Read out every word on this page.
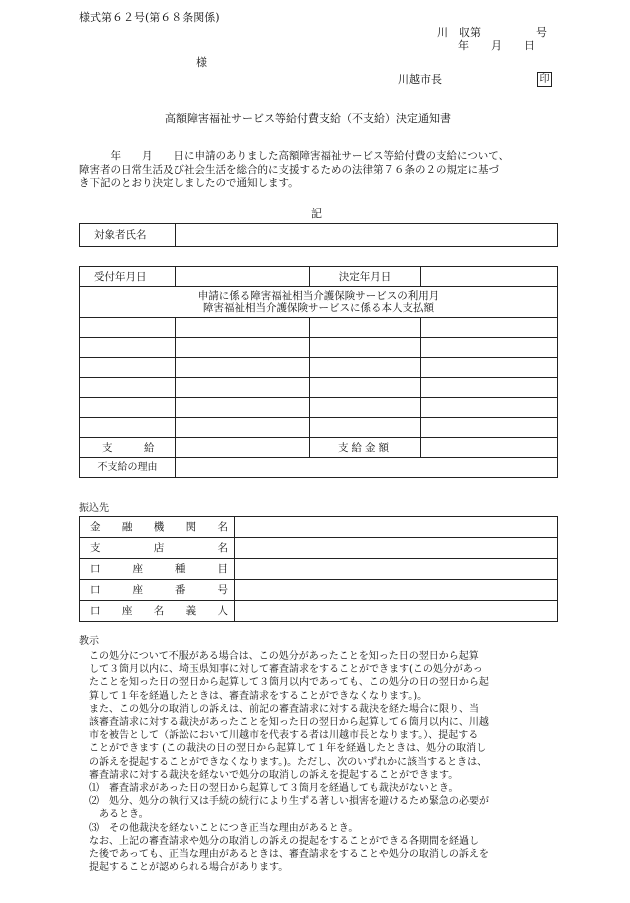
様式第６２号(第６８条関係)
川　収第　　　　　号
年　　月　　日
様
川越市長	印
高額障害福祉サービス等給付費支給（不支給）決定通知書
　　　年　　月　　日に申請のありました高額障害福祉サービス等給付費の支給について、
障害者の日常生活及び社会生活を総合的に支援するための法律第７６条の２の規定に基づ
き下記のとおり決定しましたので通知します。
記
対象者氏名	
受付年月日		決定年月日	

申請に係る障害福祉相当介護保険サービスの利用月
障害福祉相当介護保険サービスに係る本人支払額			

支　　　給		支給金額	
不支給の理由			
振込先
金 融 機 関 名	

支 店 名	

口 座 種 目	

口 座 番 号	

口 座 名 義 人	

教示
　この処分について不服がある場合は、この処分があったことを知った日の翌日から起算
して３箇月以内に、埼玉県知事に対して審査請求をすることができます(この処分があっ
たことを知った日の翌日から起算して３箇月以内であっても、この処分の日の翌日から起
算して１年を経過したときは、審査請求をすることができなくなります。)。
　また、この処分の取消しの訴えは、前記の審査請求に対する裁決を経た場合に限り、当
該審査請求に対する裁決があったことを知った日の翌日から起算して６箇月以内に、川越
市を被告として（訴訟において川越市を代表する者は川越市長となります。）、提起する
ことができます (この裁決の日の翌日から起算して１年を経過したときは、処分の取消し
の訴えを提起することができなくなります。)。ただし、次のいずれかに該当するときは、
審査請求に対する裁決を経ないで処分の取消しの訴えを提起することができます。
⑴　審査請求があった日の翌日から起算して３箇月を経過しても裁決がないとき。
⑵　処分、処分の執行又は手続の続行により生ずる著しい損害を避けるため緊急の必要が
　あるとき。
⑶　その他裁決を経ないことにつき正当な理由があるとき。
　なお、上記の審査請求や処分の取消しの訴えの提起をすることができる各期間を経過し
た後であっても、正当な理由があるときは、審査請求をすることや処分の取消しの訴えを
提起することが認められる場合があります。
